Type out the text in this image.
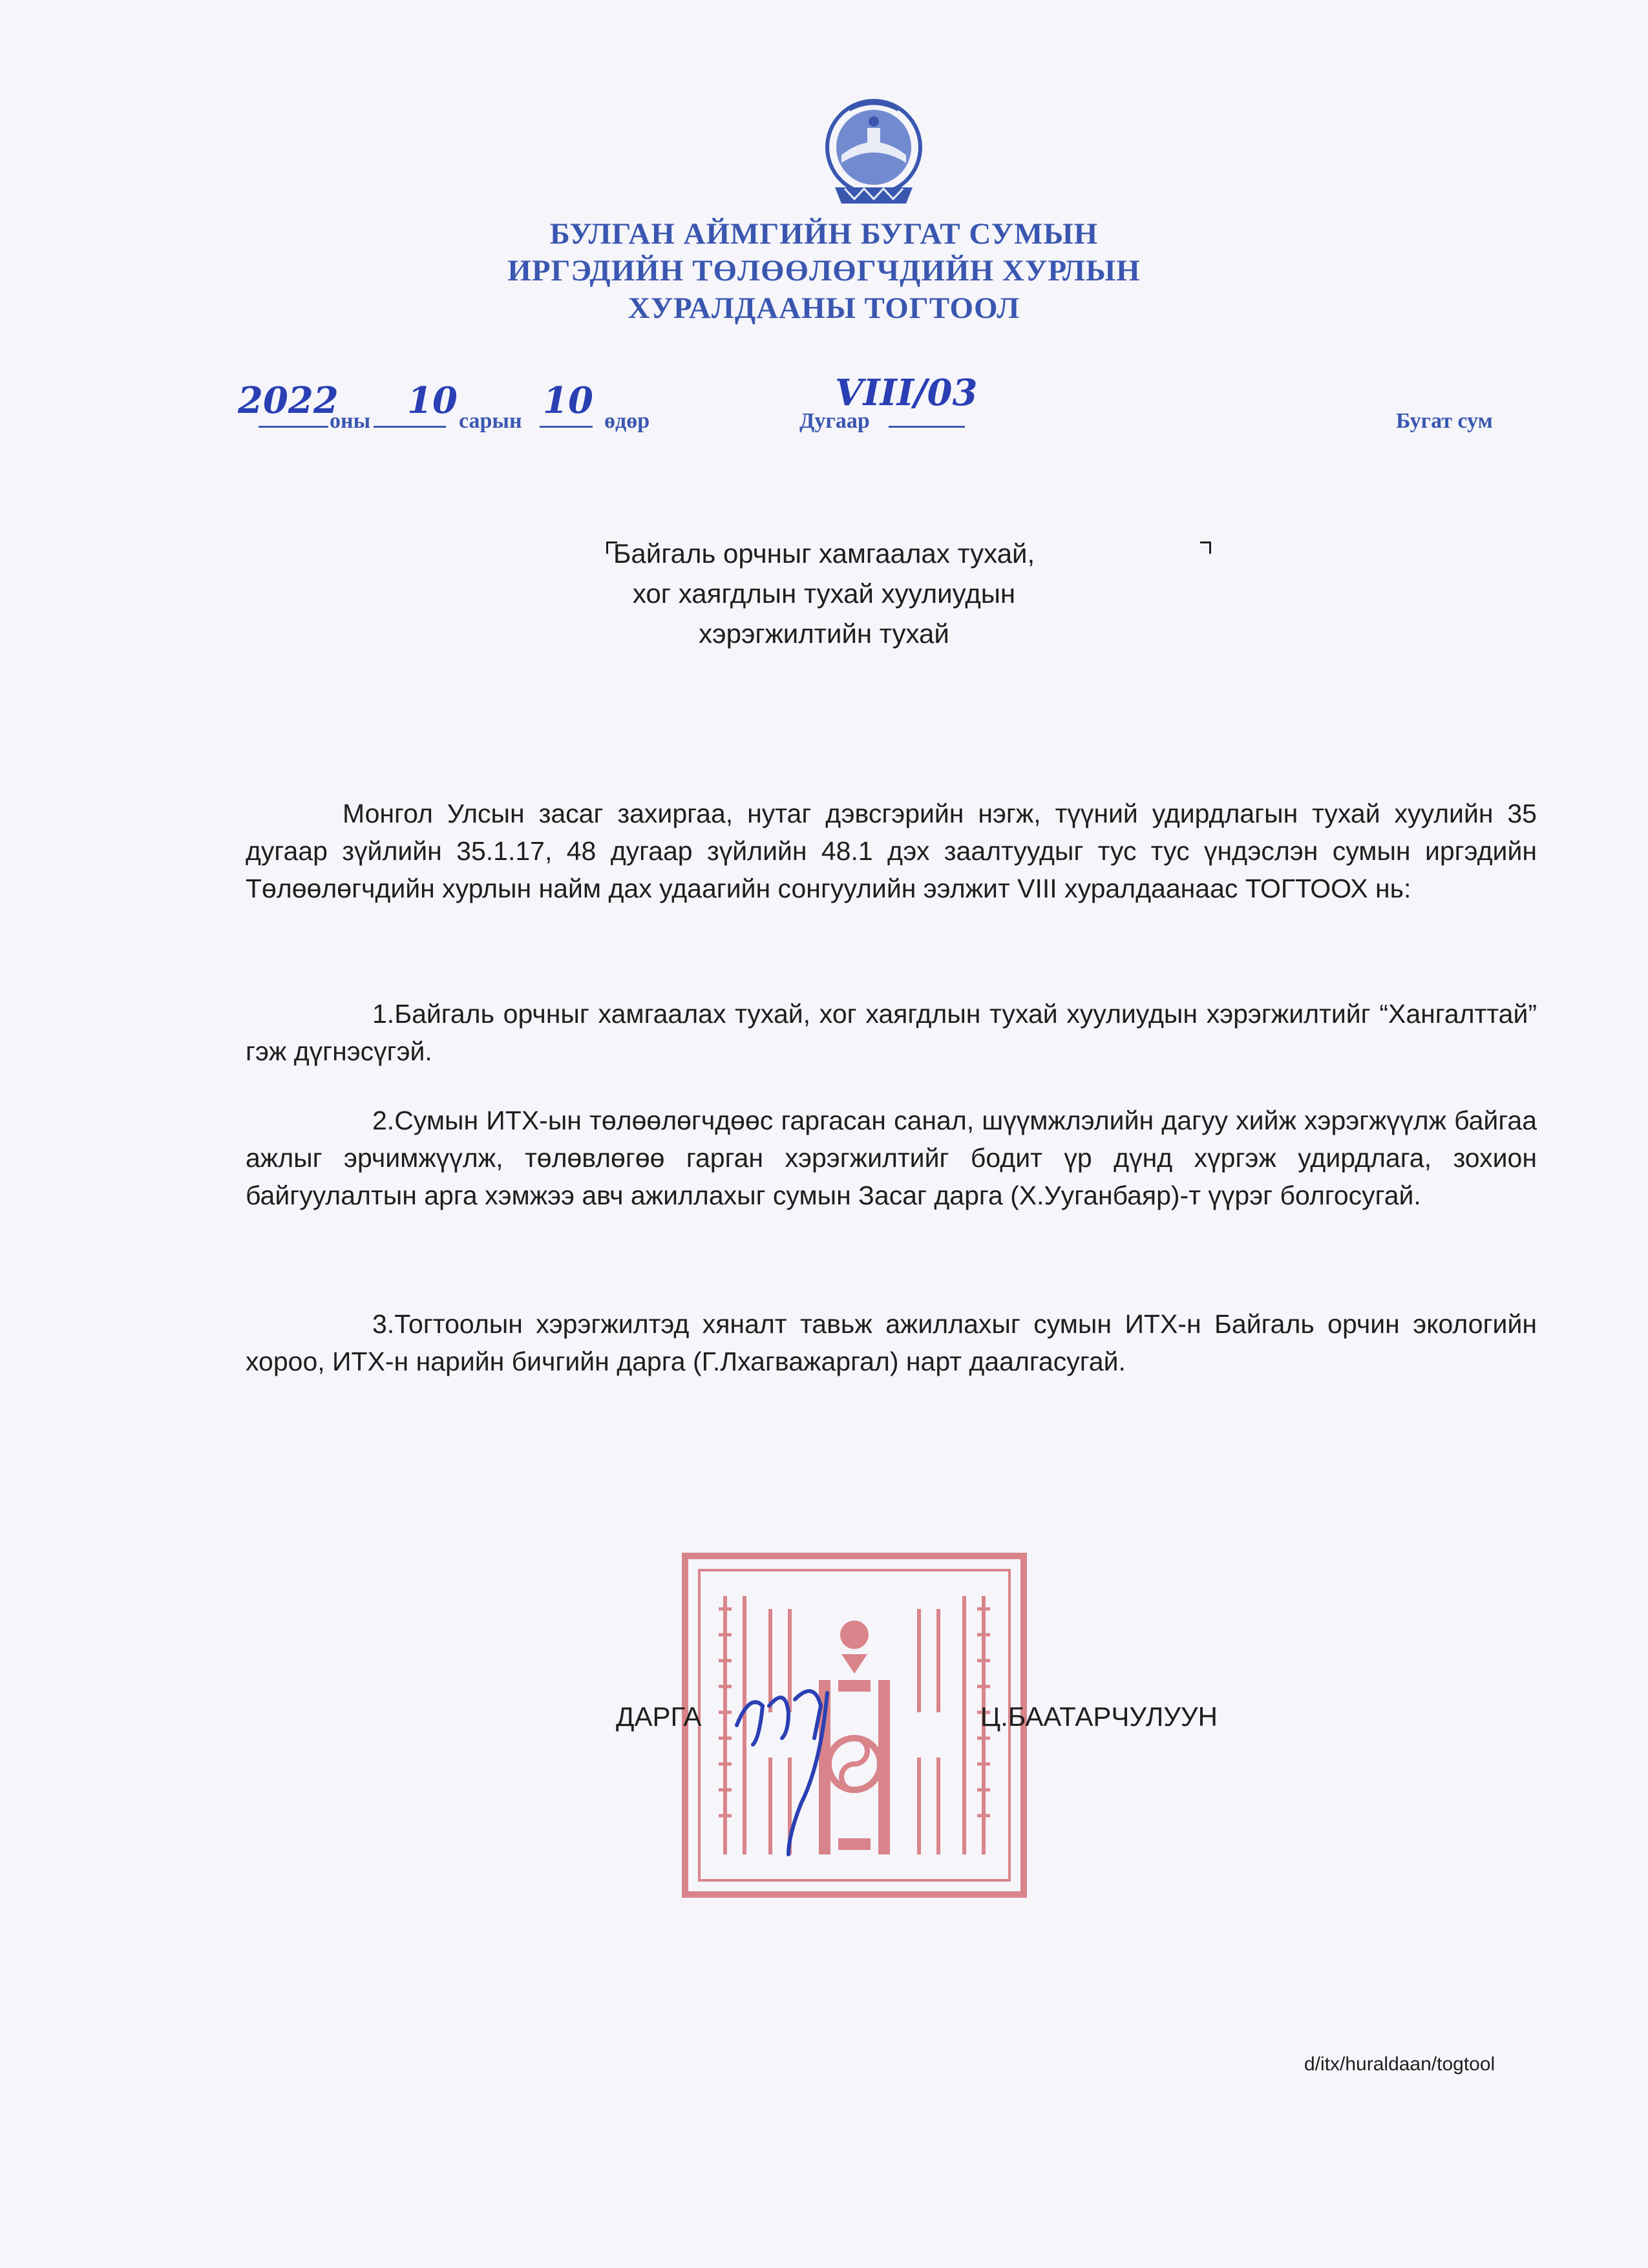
БУЛГАН АЙМГИЙН БУГАТ СУМЫН
ИРГЭДИЙН ТӨЛӨӨЛӨГЧДИЙН ХУРЛЫН
ХУРАЛДААНЫ ТОГТООЛ
2022
оны 10 сарын 10 өдөр	Дугаар
VIII/03
Бугат сум
Байгаль орчныг хамгаалах тухай,
хог хаягдлын тухай хуулиудын
хэрэгжилтийн тухай
Монгол Улсын засаг захиргаа, нутаг дэвсгэрийн нэгж, түүний удирдлагын тухай хуулийн 35 дугаар зүйлийн 35.1.17, 48 дугаар зүйлийн 48.1 дэх заалтуудыг тус тус үндэслэн сумын иргэдийн Төлөөлөгчдийн хурлын найм дах удаагийн сонгуулийн ээлжит VIII хуралдаанаас ТОГТООХ нь:
1.Байгаль орчныг хамгаалах тухай, хог хаягдлын тухай хуулиудын хэрэгжилтийг “Хангалттай” гэж дүгнэсүгэй.
2.Сумын ИТХ-ын төлөөлөгчдөөс гаргасан санал, шүүмжлэлийн дагуу хийж хэрэгжүүлж байгаа ажлыг эрчимжүүлж, төлөвлөгөө гарган хэрэгжилтийг бодит үр дүнд хүргэж удирдлага, зохион байгуулалтын арга хэмжээ авч ажиллахыг сумын Засаг дарга (Х.Ууганбаяр)-т үүрэг болгосугай.
3.Тогтоолын хэрэгжилтэд хяналт тавьж ажиллахыг сумын ИТХ-н Байгаль орчин экологийн хороо, ИТХ-н нарийн бичгийн дарга (Г.Лхагважаргал) нарт даалгасугай.
ДАРГА	Ц.БААТАРЧУЛУУН
d/itx/huraldaan/togtool
